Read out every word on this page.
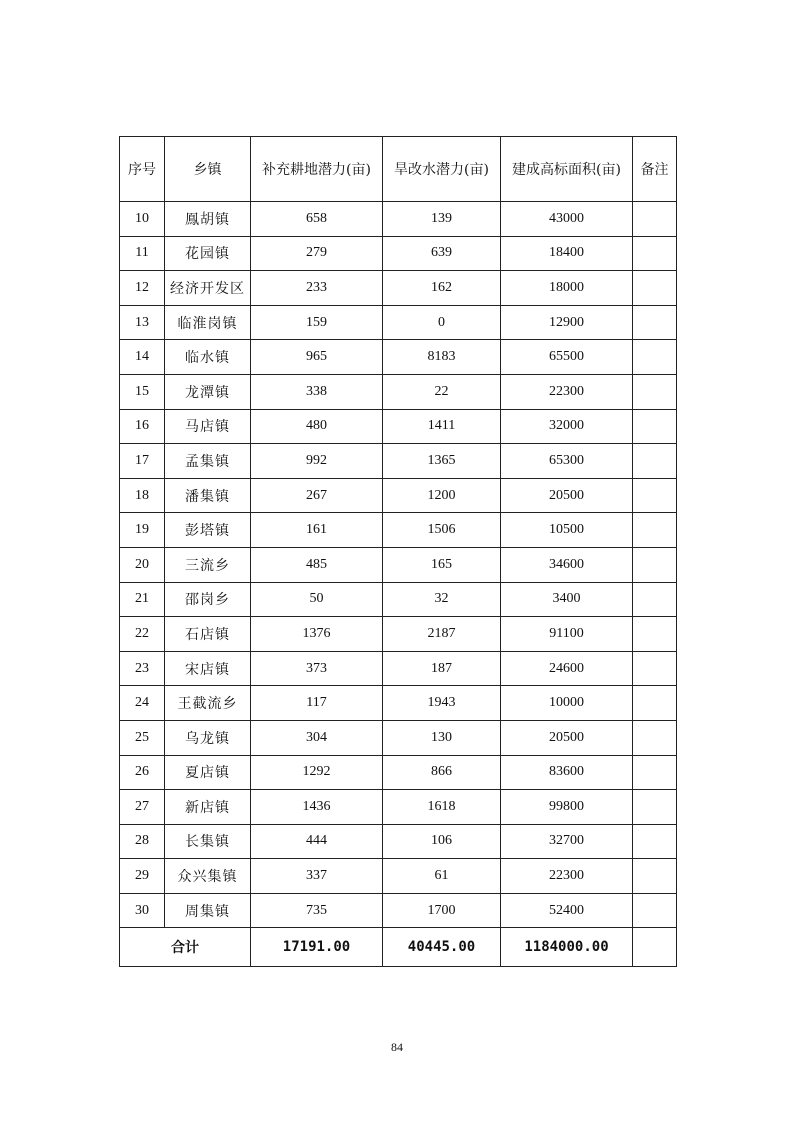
序号	乡镇	补充耕地潜力(亩)	旱改水潜力(亩)	建成高标面积(亩)	备注
10	鳯胡镇	658	139	43000	
11	花园镇	279	639	18400	
12	经济开发区	233	162	18000	
13	临淮岗镇	159	0	12900	
14	临水镇	965	8183	65500	
15	龙潭镇	338	22	22300	
16	马店镇	480	1411	32000	
17	孟集镇	992	1365	65300	
18	潘集镇	267	1200	20500	
19	彭塔镇	161	1506	10500	
20	三流乡	485	165	34600	
21	邵岗乡	50	32	3400	
22	石店镇	1376	2187	91100	
23	宋店镇	373	187	24600	
24	王截流乡	117	1943	10000	
25	乌龙镇	304	130	20500	
26	夏店镇	1292	866	83600	
27	新店镇	1436	1618	99800	
28	长集镇	444	106	32700	
29	众兴集镇	337	61	22300	
30	周集镇	735	1700	52400	
合计		17191.00	40445.00	1184000.00	
84
